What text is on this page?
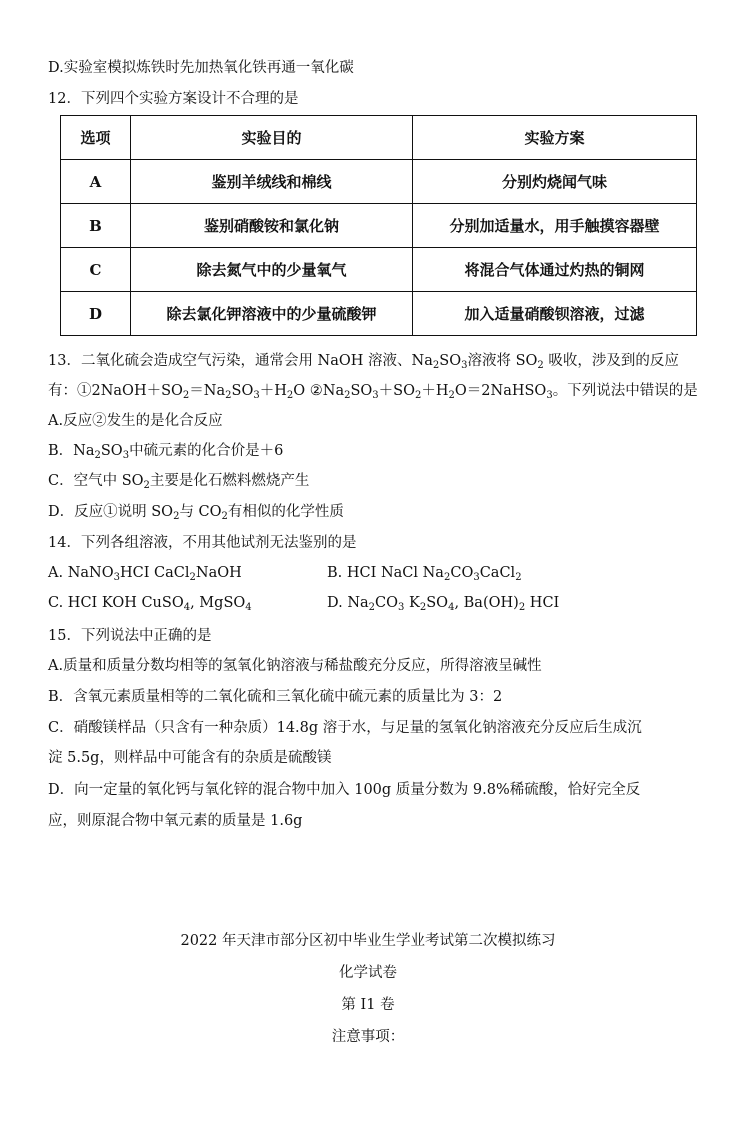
D.实验室模拟炼铁时先加热氧化铁再通一氧化碳
12．下列四个实验方案设计不合理的是
选项	实验目的	实验方案
A	鉴别羊绒线和棉线	分别灼烧闻气味
B	鉴别硝酸铵和氯化钠	分别加适量水，用手触摸容器壁
C	除去氮气中的少量氧气	将混合气体通过灼热的铜网
D	除去氯化钾溶液中的少量硫酸钾	加入适量硝酸钡溶液，过滤
13．二氧化硫会造成空气污染，通常会用 NaOH 溶液、$Na_2SO_3$溶液将 $SO_2$ 吸收，涉及到的反应
有：$①2NaOH+SO_2=Na_2SO_3+H_2O$ $②Na_2SO_3+SO_2+H_2O=2NaHSO_3$。下列说法中错误的是
A.反应②发生的是化合反应
B．$Na_2SO_3$中硫元素的化合价是＋6
C．空气中 $SO_2$主要是化石燃料燃烧产生
D．反应①说明 $SO_2$与 $CO_2$有相似的化学性质
14．下列各组溶液，不用其他试剂无法鉴别的是
A. NaNO$_3$HCI CaCl$_2$NaOH	B. HCI NaCl $Na_2CO_3CaCl_2$
C. HCI KOH CuSO$_4$, MgSO$_4$	D. $Na_2CO_3$ $K_2SO_4$, $Ba(OH)_2$ HCI
15．下列说法中正确的是
A.质量和质量分数均相等的氢氧化钠溶液与稀盐酸充分反应，所得溶液呈碱性
B．含氧元素质量相等的二氧化硫和三氧化硫中硫元素的质量比为 3：2
C．硝酸镁样品（只含有一种杂质）14.8g 溶于水，与足量的氢氧化钠溶液充分反应后生成沉
淀 5.5g，则样品中可能含有的杂质是硫酸镁
D．向一定量的氧化钙与氧化锌的混合物中加入 100g 质量分数为 9.8%稀硫酸，恰好完全反
应，则原混合物中氧元素的质量是 1.6g
2022 年天津市部分区初中毕业生学业考试第二次模拟练习
化学试卷
第 I1 卷
注意事项：
